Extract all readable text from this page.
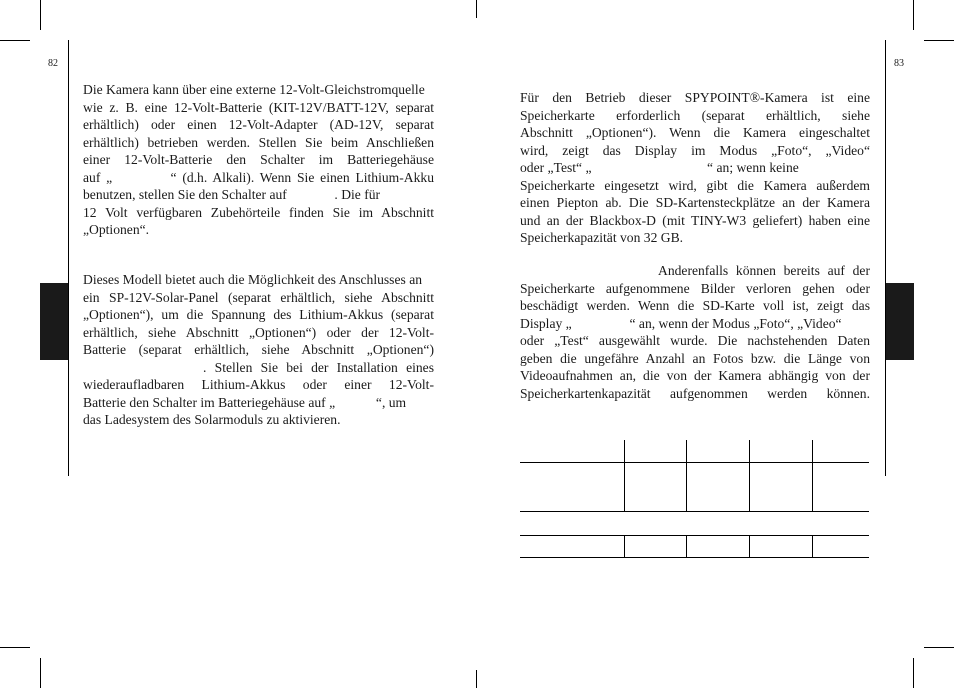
82	83
Die Kamera kann über eine externe 12-Volt-Gleichstromquelle
wie z. B. eine 12-Volt-Batterie (KIT-12V/BATT-12V, separat
erhältlich) oder einen 12-Volt-Adapter (AD-12V, separat
erhältlich) betrieben werden. Stellen Sie beim Anschließen
einer 12-Volt-Batterie den Schalter im Batteriegehäuse
auf „          “ (d.h. Alkali). Wenn Sie einen Lithium-Akku
benutzen, stellen Sie den Schalter auf              . Die für
12 Volt verfügbaren Zubehörteile finden Sie im Abschnitt
„Optionen“.
Dieses Modell bietet auch die Möglichkeit des Anschlusses an
ein SP-12V-Solar-Panel (separat erhältlich, siehe Abschnitt
„Optionen“), um die Spannung des Lithium-Akkus (separat
erhältlich, siehe Abschnitt „Optionen“) oder der 12-Volt-
Batterie (separat erhältlich, siehe Abschnitt „Optionen“)
. Stellen Sie bei der Installation eines
wiederaufladbaren Lithium-Akkus oder einer 12-Volt-
Batterie den Schalter im Batteriegehäuse auf „            “, um
das Ladesystem des Solarmoduls zu aktivieren.
Für den Betrieb dieser SPYPOINT®-Kamera ist eine
Speicherkarte erforderlich (separat erhältlich, siehe
Abschnitt „Optionen“). Wenn die Kamera eingeschaltet
wird, zeigt das Display im Modus „Foto“, „Video“
oder „Test“ „                                  “ an; wenn keine
Speicherkarte eingesetzt wird, gibt die Kamera außerdem
einen Piepton ab. Die SD-Kartensteckplätze an der Kamera
und an der Blackbox-D (mit TINY-W3 geliefert) haben eine
Speicherkapazität von 32 GB.
Anderenfalls können bereits auf der
Speicherkarte aufgenommene Bilder verloren gehen oder
beschädigt werden. Wenn die SD-Karte voll ist, zeigt das
Display „                 “ an, wenn der Modus „Foto“, „Video“
oder „Test“ ausgewählt wurde. Die nachstehenden Daten
geben die ungefähre Anzahl an Fotos bzw. die Länge von
Videoaufnahmen an, die von der Kamera abhängig von der
Speicherkartenkapazität aufgenommen werden können.
